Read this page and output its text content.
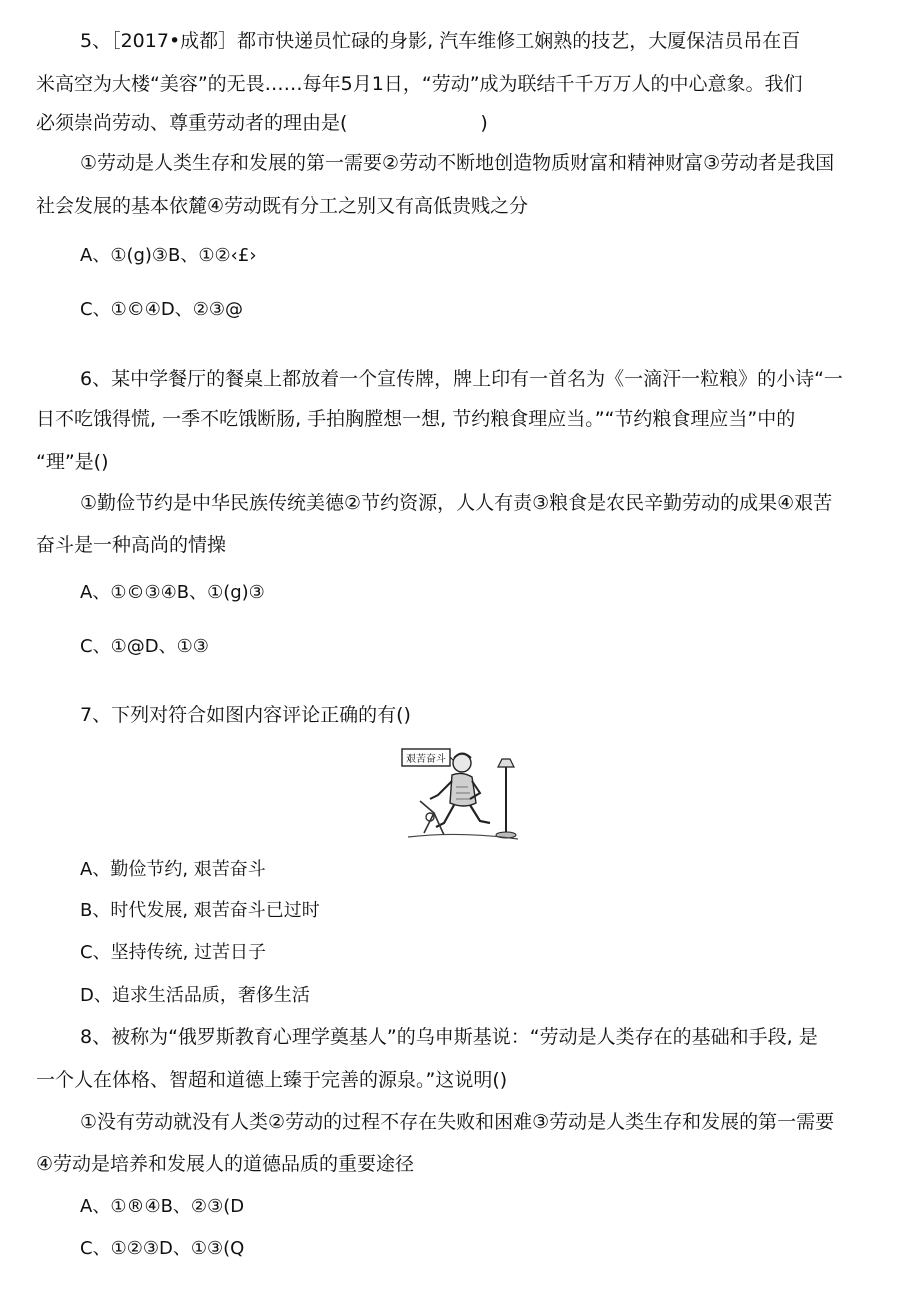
5、［2017•成都］都市快递员忙碌的身影, 汽车维修工娴熟的技艺，大厦保洁员吊在百
米高空为大楼“美容”的无畏……每年5月1日，“劳动”成为联结千千万万人的中心意象。我们
必须崇尚劳动、尊重劳动者的理由是(　　　　　　　)
①劳动是人类生存和发展的第一需要②劳动不断地创造物质财富和精神财富③劳动者是我国
社会发展的基本依麓④劳动既有分工之别又有高低贵贱之分
A、①(g)③B、①②‹£›
C、①©④D、②③@
6、某中学餐厅的餐桌上都放着一个宣传牌，牌上印有一首名为《一滴汗一粒粮》的小诗“一
日不吃饿得慌, 一季不吃饿断肠, 手拍胸膛想一想, 节约粮食理应当。”“节约粮食理应当”中的
“理”是()
①勤俭节约是中华民族传统美德②节约资源，人人有责③粮食是农民辛勤劳动的成果④艰苦
奋斗是一种高尚的情操
A、①©③④B、①(g)③
C、①@D、①③
7、下列对符合如图内容评论正确的有()
艰苦奋斗
A、勤俭节约, 艰苦奋斗
B、时代发展, 艰苦奋斗已过时
C、坚持传统, 过苦日子
D、追求生活品质，奢侈生活
8、被称为“俄罗斯教育心理学奠基人”的乌申斯基说：“劳动是人类存在的基础和手段, 是
一个人在体格、智超和道德上臻于完善的源泉。”这说明()
①没有劳动就没有人类②劳动的过程不存在失败和困难③劳动是人类生存和发展的第一需要
④劳动是培养和发展人的道德品质的重要途径
A、①®④B、②③(D
C、①②③D、①③(Q
